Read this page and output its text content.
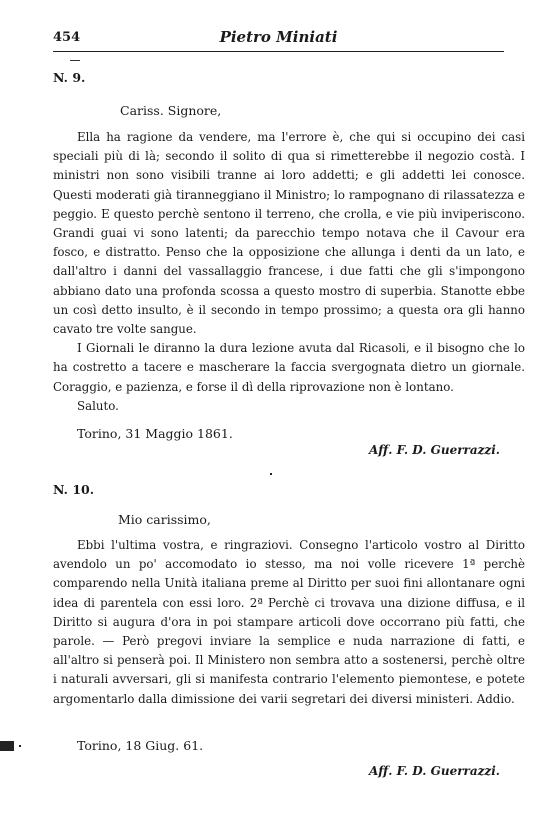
454	Pietro Miniati
N. 9.
Cariss. Signore,

Ella ha ragione da vendere, ma l'errore è, che qui si occupino dei casi speciali più di là; secondo il solito di qua si rimetterebbe il negozio costà. I ministri non sono visibili tranne ai loro addetti; e gli addetti lei conosce. Questi moderati già tiranneggiano il Ministro; lo rampognano di rilassatezza e peggio. E questo perchè sentono il terreno, che crolla, e vie più inviperiscono. Grandi guai vi sono latenti; da parecchio tempo notava che il Cavour era fosco, e distratto. Penso che la opposizione che allunga i denti da un lato, e dall'altro i danni del vassallaggio francese, i due fatti che gli s'impongono abbiano dato una profonda scossa a questo mostro di superbia. Stanotte ebbe un così detto insulto, è il secondo in tempo prossimo; a questa ora gli hanno cavato tre volte sangue.

I Giornali le diranno la dura lezione avuta dal Ricasoli, e il bisogno che lo ha costretto a tacere e mascherare la faccia svergognata dietro un giornale. Coraggio, e pazienza, e forse il dì della riprovazione non è lontano.

Saluto.

Torino, 31 Maggio 1861.
Aff. F. D. Guerrazzi.
N. 10.
Mio carissimo,

Ebbi l'ultima vostra, e ringraziovi. Consegno l'articolo vostro al Diritto avendolo un po' accomodato io stesso, ma noi volle ricevere 1ª perchè comparendo nella Unità italiana preme al Diritto per suoi fini allontanare ogni idea di parentela con essi loro. 2ª Perchè ci trovava una dizione diffusa, e il Diritto si augura d'ora in poi stampare articoli dove occorrano più fatti, che parole. — Però pregovi inviare la semplice e nuda narrazione di fatti, e all'altro si penserà poi. Il Ministero non sembra atto a sostenersi, perchè oltre i naturali avversari, gli si manifesta contrario l'elemento piemontese, e potete argomentarlo dalla dimissione dei varii segretari dei diversi ministeri. Addio.

Torino, 18 Giug. 61.
Aff. F. D. Guerrazzi.
